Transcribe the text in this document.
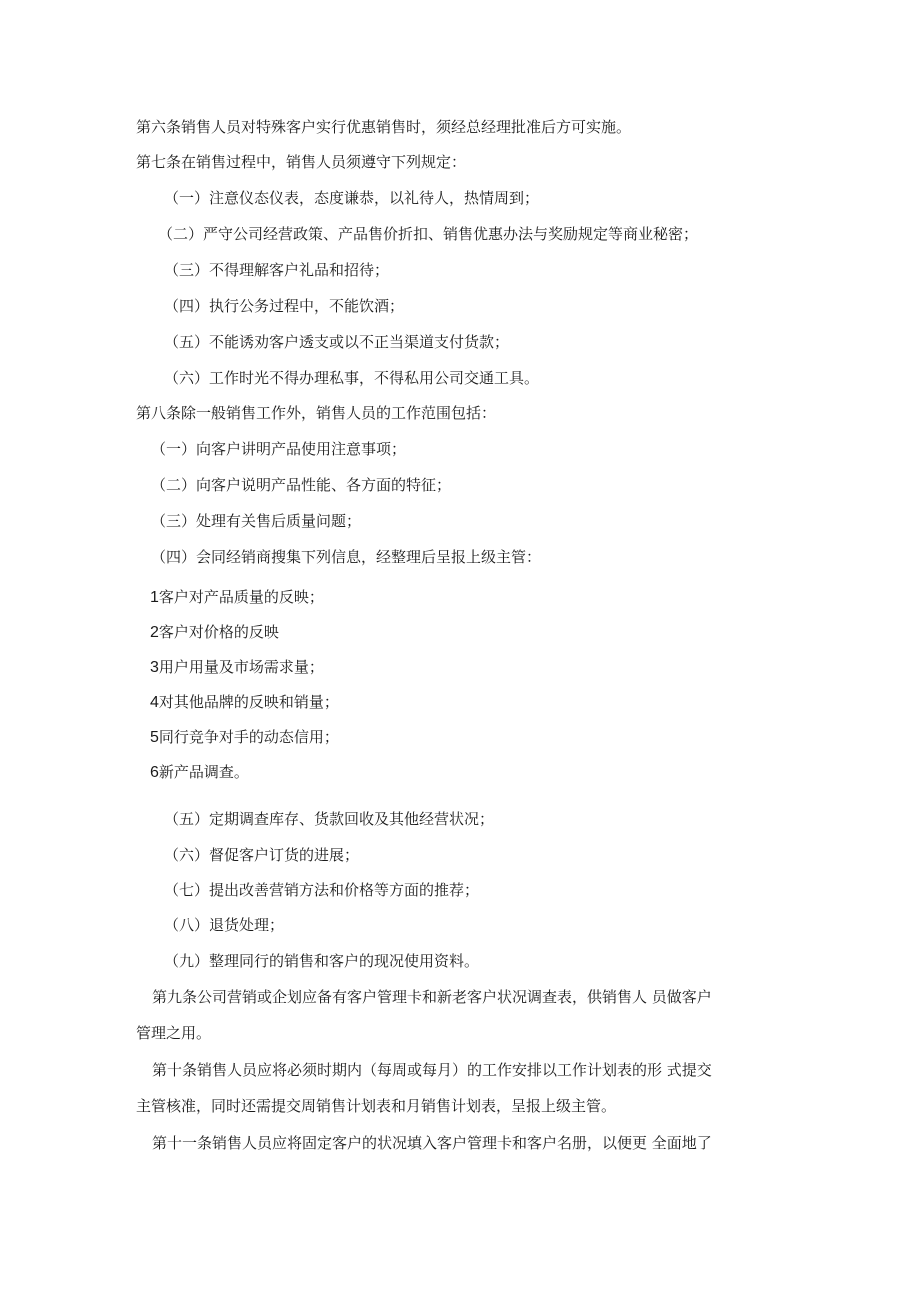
第六条销售人员对特殊客户实行优惠销售时，须经总经理批准后方可实施。
第七条在销售过程中，销售人员须遵守下列规定：
（一）注意仪态仪表，态度谦恭，以礼待人，热情周到；
（二）严守公司经营政策、产品售价折扣、销售优惠办法与奖励规定等商业秘密；
（三）不得理解客户礼品和招待；
（四）执行公务过程中，不能饮酒；
（五）不能诱劝客户透支或以不正当渠道支付货款；
（六）工作时光不得办理私事，不得私用公司交通工具。
第八条除一般销售工作外，销售人员的工作范围包括：
（一）向客户讲明产品使用注意事项；
（二）向客户说明产品性能、各方面的特征；
（三）处理有关售后质量问题；
（四）会同经销商搜集下列信息，经整理后呈报上级主管：
1客户对产品质量的反映；
2客户对价格的反映
3用户用量及市场需求量；
4对其他品牌的反映和销量；
5同行竞争对手的动态信用；
6新产品调查。
（五）定期调查库存、货款回收及其他经营状况；
（六）督促客户订货的进展；
（七）提出改善营销方法和价格等方面的推荐；
（八）退货处理；
（九）整理同行的销售和客户的现况使用资料。
第九条公司营销或企划应备有客户管理卡和新老客户状况调查表，供销售人 员做客户
管理之用。
第十条销售人员应将必须时期内（每周或每月）的工作安排以工作计划表的形 式提交
主管核准，同时还需提交周销售计划表和月销售计划表，呈报上级主管。
第十一条销售人员应将固定客户的状况填入客户管理卡和客户名册，以便更 全面地了
